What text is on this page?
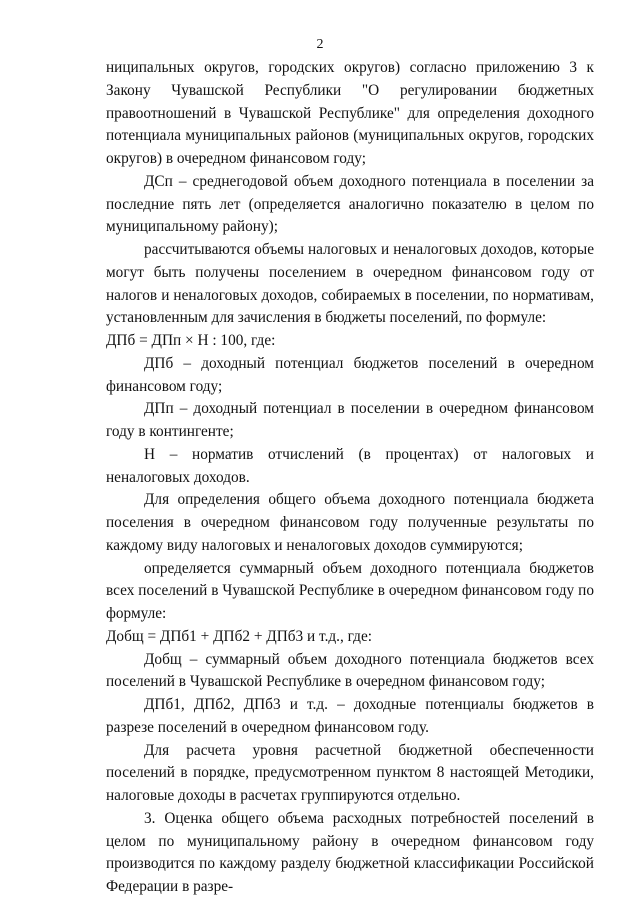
2

ниципальных округов, городских округов) согласно приложению 3 к Закону Чувашской Республики "О регулировании бюджетных правоотношений в Чувашской Республике" для определения доходного потенциала муниципальных районов (муниципальных округов, городских округов) в очередном финансовом году;

ДСп – среднегодовой объем доходного потенциала в поселении за последние пять лет (определяется аналогично показателю в целом по муниципальному району);

рассчитываются объемы налоговых и неналоговых доходов, которые могут быть получены поселением в очередном финансовом году от налогов и неналоговых доходов, собираемых в поселении, по нормативам, установленным для зачисления в бюджеты поселений, по формуле:

ДПб = ДПп × Н : 100, где:

ДПб – доходный потенциал бюджетов поселений в очередном финансовом году;

ДПп – доходный потенциал в поселении в очередном финансовом году в контингенте;

Н – норматив отчислений (в процентах) от налоговых и неналоговых доходов.

Для определения общего объема доходного потенциала бюджета поселения в очередном финансовом году полученные результаты по каждому виду налоговых и неналоговых доходов суммируются;

определяется суммарный объем доходного потенциала бюджетов всех поселений в Чувашской Республике в очередном финансовом году по формуле:

Добщ = ДПб1 + ДПб2 + ДПб3 и т.д., где:

Добщ – суммарный объем доходного потенциала бюджетов всех поселений в Чувашской Республике в очередном финансовом году;

ДПб1, ДПб2, ДПб3 и т.д. – доходные потенциалы бюджетов в разрезе поселений в очередном финансовом году.

Для расчета уровня расчетной бюджетной обеспеченности поселений в порядке, предусмотренном пунктом 8 настоящей Методики, налоговые доходы в расчетах группируются отдельно.

3. Оценка общего объема расходных потребностей поселений в целом по муниципальному району в очередном финансовом году производится по каждому разделу бюджетной классификации Российской Федерации в разре-
